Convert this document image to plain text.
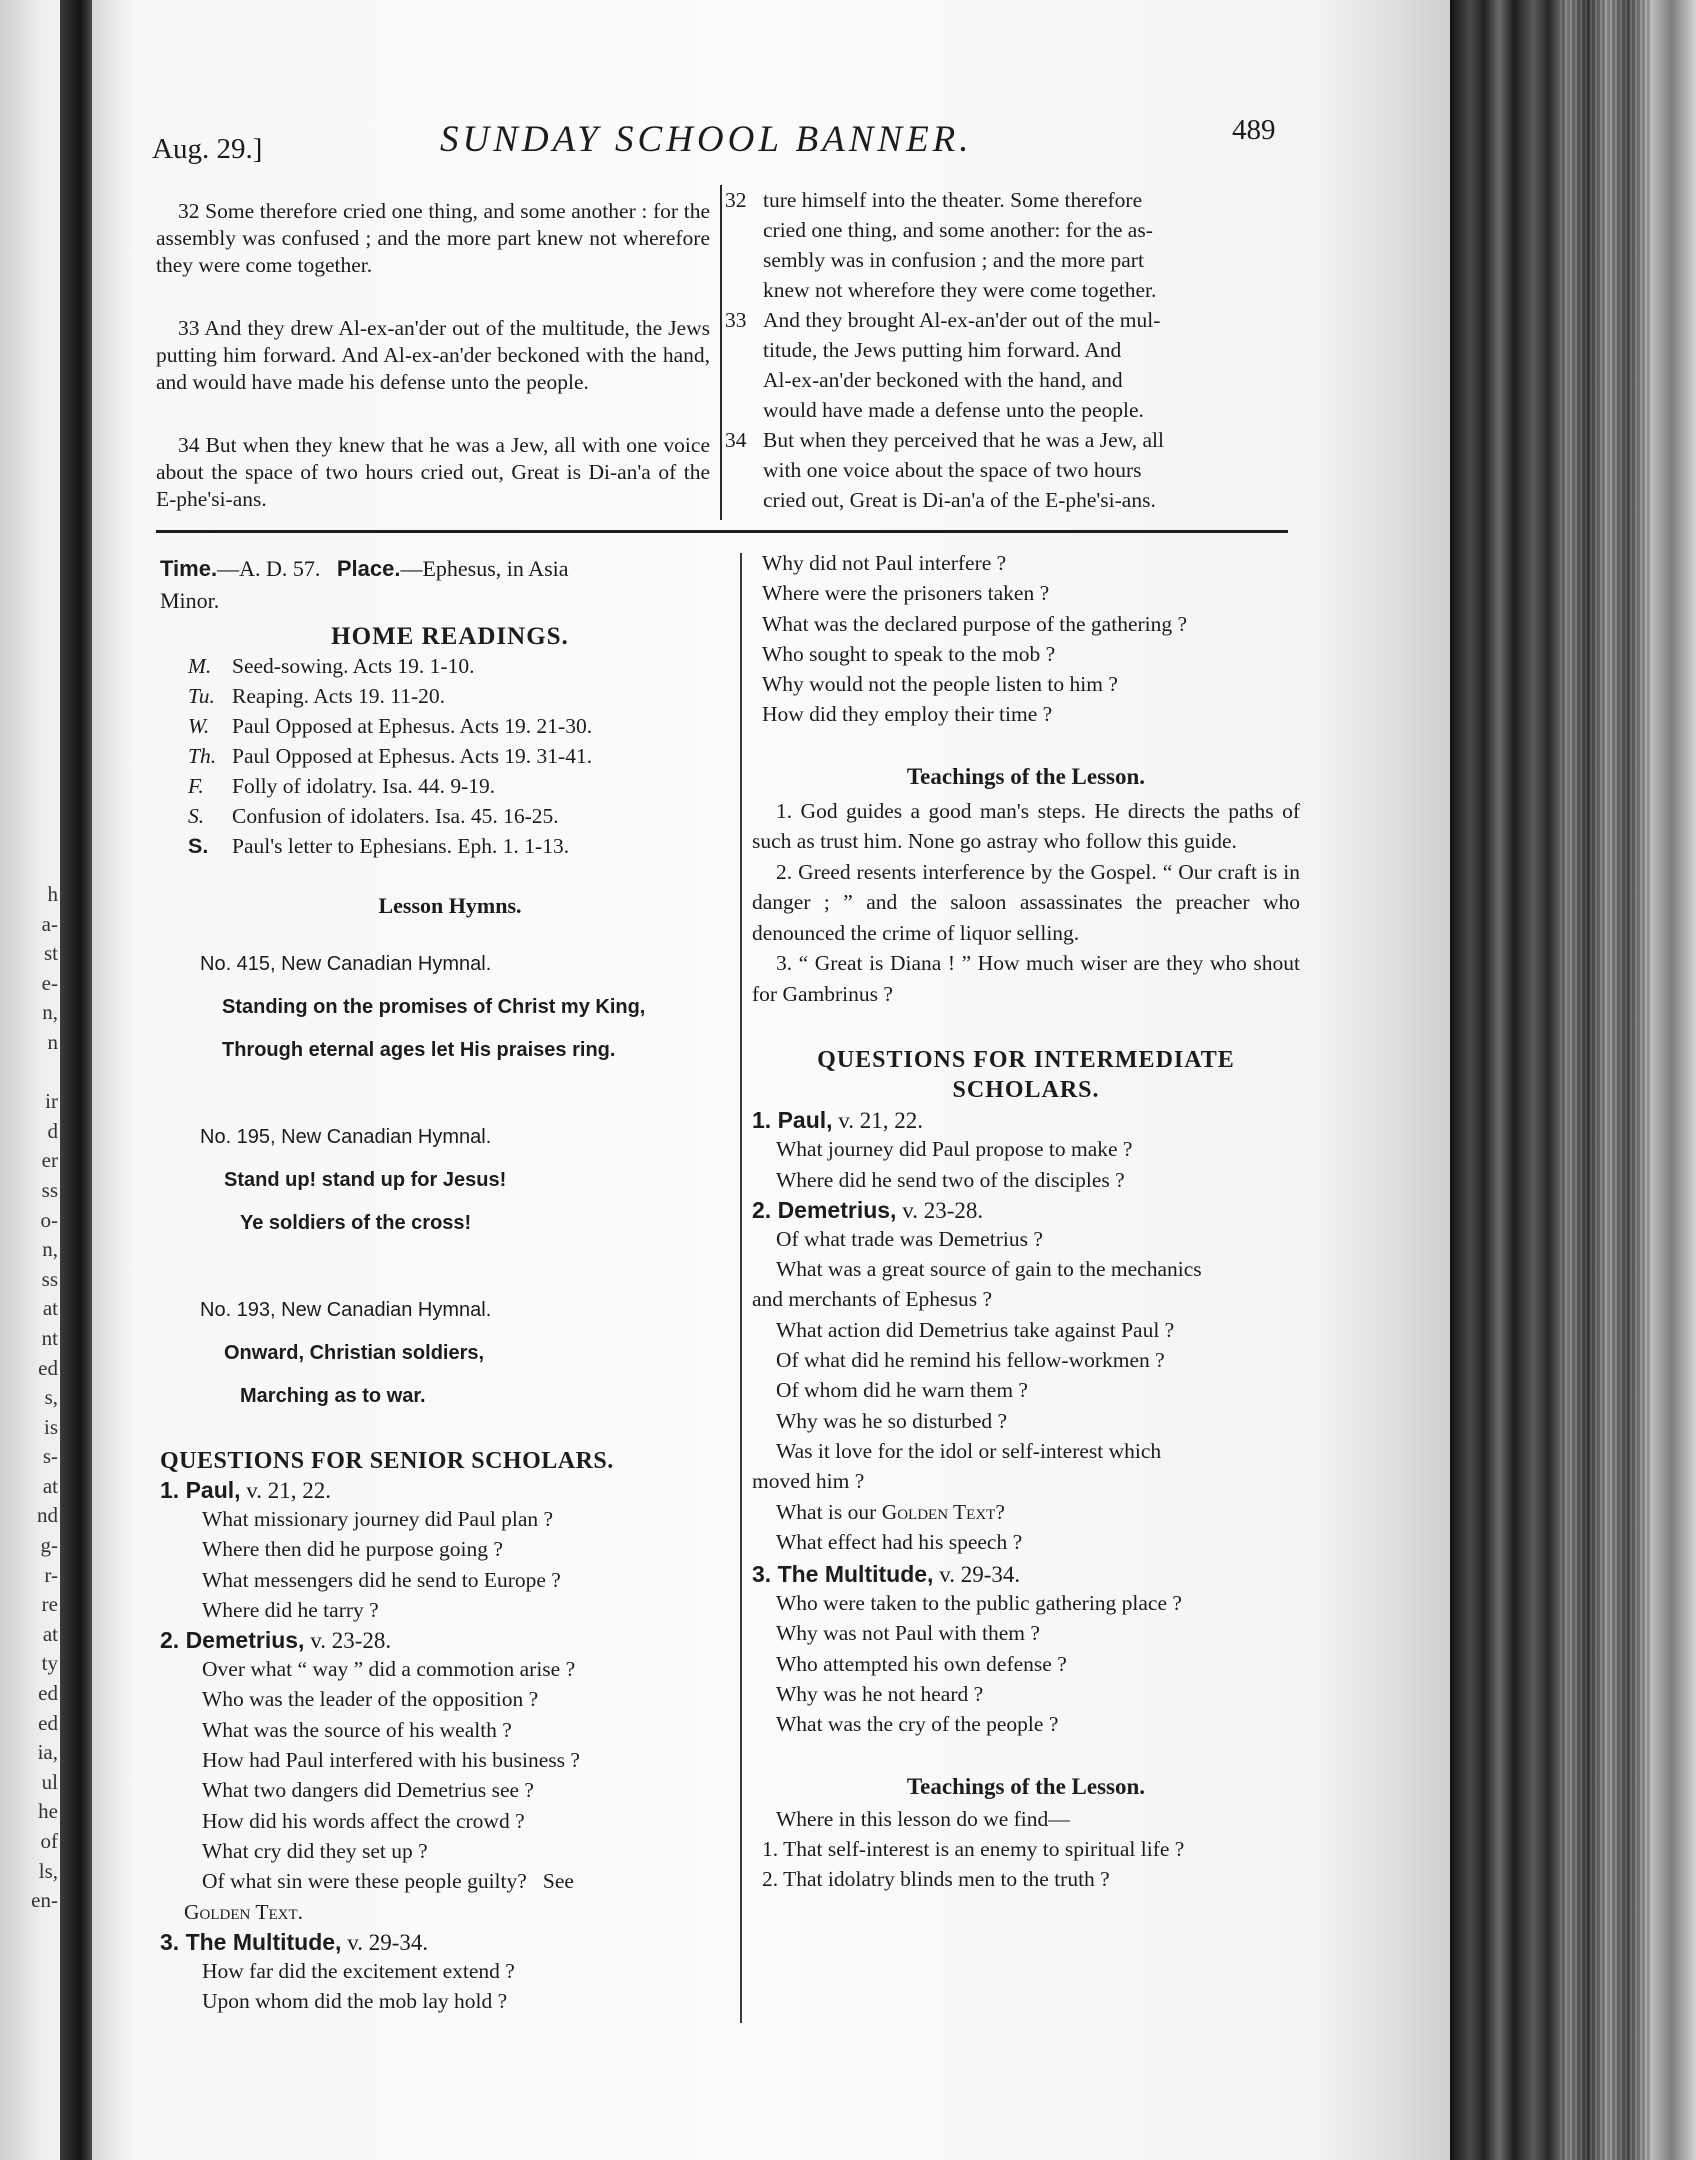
h
a-
st
e-
n,
n

ir
d
er
ss
o-
n,
ss
at
nt
ed
s,
is
s-
at
nd
g-
r-
re
at
ty
ed
ed
ia,
ul
he
of
ls,
en-
Aug. 29.]	SUNDAY SCHOOL BANNER.	489

32 Some therefore cried one thing, and some another : for the assembly was confused ; and the more part knew not wherefore they were come together.

33 And they drew Al-ex-an'der out of the multitude, the Jews putting him forward. And Al-ex-an'der beckoned with the hand, and would have made his defense unto the people.

34 But when they knew that he was a Jew, all with one voice about the space of two hours cried out, Great is Di-an'a of the E-phe'si-ans.

32 ture himself into the theater. Some therefore
cried one thing, and some another: for the as-
sembly was in confusion ; and the more part
knew not wherefore they were come together.
33 And they brought Al-ex-an'der out of the mul-
titude, the Jews putting him forward. And
Al-ex-an'der beckoned with the hand, and
would have made a defense unto the people.
34 But when they perceived that he was a Jew, all
with one voice about the space of two hours
cried out, Great is Di-an'a of the E-phe'si-ans.
Time.—A. D. 57. Place.—Ephesus, in Asia
Minor.
HOME READINGS.
M. Seed-sowing. Acts 19. 1-10.
Tu. Reaping. Acts 19. 11-20.
W. Paul Opposed at Ephesus. Acts 19. 21-30.
Th. Paul Opposed at Ephesus. Acts 19. 31-41.
F. Folly of idolatry. Isa. 44. 9-19.
S. Confusion of idolaters. Isa. 45. 16-25.
S. Paul's letter to Ephesians. Eph. 1. 1-13.
Lesson Hymns.
No. 415, New Canadian Hymnal.
Standing on the promises of Christ my King,
Through eternal ages let His praises ring.
No. 195, New Canadian Hymnal.
Stand up! stand up for Jesus!
Ye soldiers of the cross!
No. 193, New Canadian Hymnal.
Onward, Christian soldiers,
Marching as to war.
QUESTIONS FOR SENIOR SCHOLARS.
1. Paul, v. 21, 22.
What missionary journey did Paul plan ?
Where then did he purpose going ?
What messengers did he send to Europe ?
Where did he tarry ?
2. Demetrius, v. 23-28.
Over what “ way ” did a commotion arise ?
Who was the leader of the opposition ?
What was the source of his wealth ?
How had Paul interfered with his business ?
What two dangers did Demetrius see ?
How did his words affect the crowd ?
What cry did they set up ?
Of what sin were these people guilty?   See
Golden Text.
3. The Multitude, v. 29-34.
How far did the excitement extend ?
Upon whom did the mob lay hold ?
Why did not Paul interfere ?
Where were the prisoners taken ?
What was the declared purpose of the gathering ?
Who sought to speak to the mob ?
Why would not the people listen to him ?
How did they employ their time ?
Teachings of the Lesson.
1. God guides a good man's steps. He directs the paths of such as trust him. None go astray who follow this guide.
2. Greed resents interference by the Gospel. “ Our craft is in danger ; ” and the saloon assassinates the preacher who denounced the crime of liquor selling.
3. “ Great is Diana ! ” How much wiser are they who shout for Gambrinus ?
QUESTIONS FOR INTERMEDIATE
SCHOLARS.
1. Paul, v. 21, 22.
What journey did Paul propose to make ?
Where did he send two of the disciples ?
2. Demetrius, v. 23-28.
Of what trade was Demetrius ?
What was a great source of gain to the mechanics
and merchants of Ephesus ?
What action did Demetrius take against Paul ?
Of what did he remind his fellow-workmen ?
Of whom did he warn them ?
Why was he so disturbed ?
Was it love for the idol or self-interest which
moved him ?
What is our Golden Text?
What effect had his speech ?
3. The Multitude, v. 29-34.
Who were taken to the public gathering place ?
Why was not Paul with them ?
Who attempted his own defense ?
Why was he not heard ?
What was the cry of the people ?
Teachings of the Lesson.
Where in this lesson do we find—
1. That self-interest is an enemy to spiritual life ?
2. That idolatry blinds men to the truth ?
